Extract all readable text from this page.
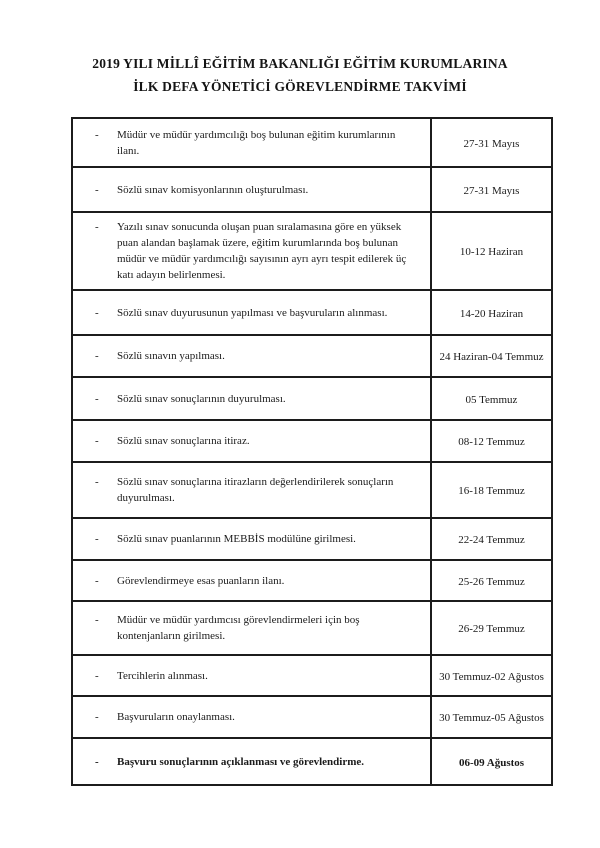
2019 YILI MİLLÎ EĞİTİM BAKANLIĞI EĞİTİM KURUMLARINA
İLK DEFA YÖNETİCİ GÖREVLENDİRME TAKVİMİ
- Müdür ve müdür yardımcılığı boş bulunan eğitim kurumlarının ilanı.	27-31 Mayıs

- Sözlü sınav komisyonlarının oluşturulması.	27-31 Mayıs

- Yazılı sınav sonucunda oluşan puan sıralamasına göre en yüksek puan alandan başlamak üzere, eğitim kurumlarında boş bulunan müdür ve müdür yardımcılığı sayısının ayrı ayrı tespit edilerek üç katı adayın belirlenmesi.	10-12 Haziran

- Sözlü sınav duyurusunun yapılması ve başvuruların alınması.	14-20 Haziran

- Sözlü sınavın yapılması.	24 Haziran-04 Temmuz

- Sözlü sınav sonuçlarının duyurulması.	05 Temmuz

- Sözlü sınav sonuçlarına itiraz.	08-12 Temmuz

- Sözlü sınav sonuçlarına itirazların değerlendirilerek sonuçların duyurulması.	16-18 Temmuz

- Sözlü sınav puanlarının MEBBİS modülüne girilmesi.	22-24 Temmuz

- Görevlendirmeye esas puanların ilanı.	25-26 Temmuz

- Müdür ve müdür yardımcısı görevlendirmeleri için boş kontenjanların girilmesi.	26-29 Temmuz

- Tercihlerin alınması.	30 Temmuz-02 Ağustos

- Başvuruların onaylanması.	30 Temmuz-05 Ağustos

- Başvuru sonuçlarının açıklanması ve görevlendirme.	06-09 Ağustos
